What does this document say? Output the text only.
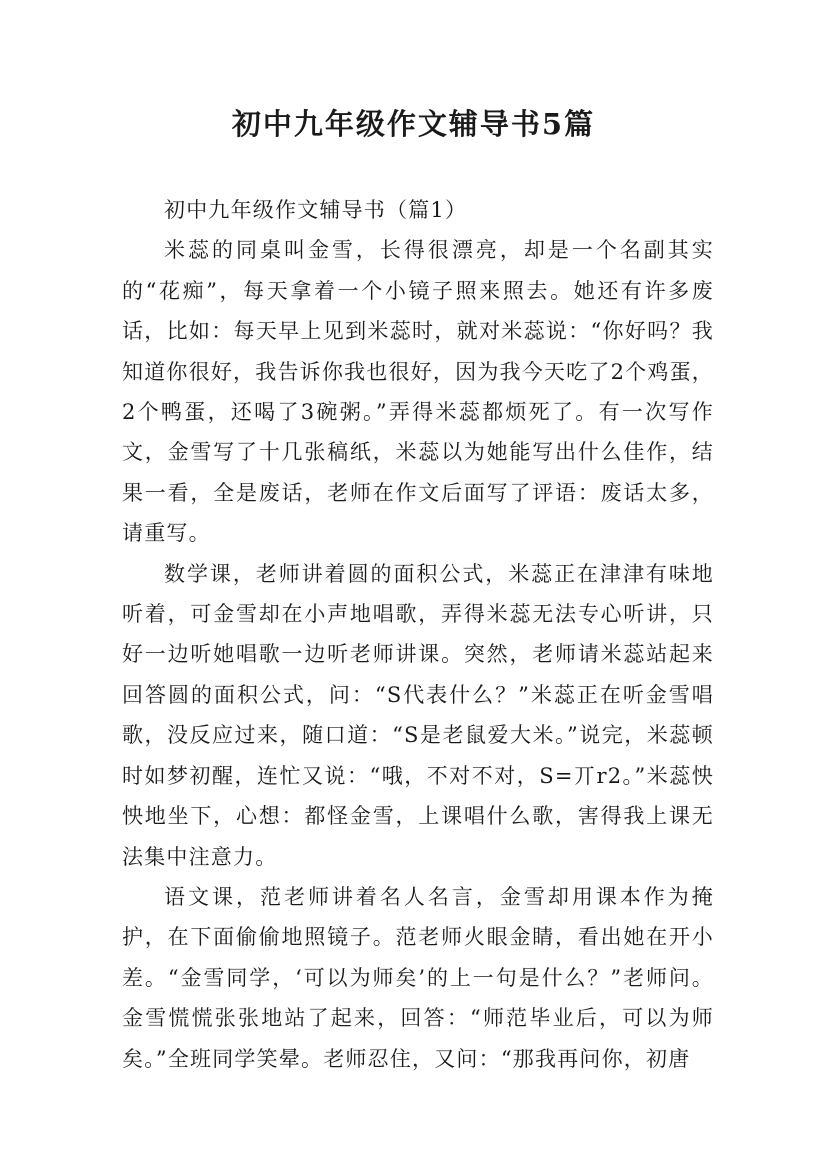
初中九年级作文辅导书5篇

初中九年级作文辅导书（篇1）

米蕊的同桌叫金雪，长得很漂亮，却是一个名副其实的“花痴”，每天拿着一个小镜子照来照去。她还有许多废话，比如：每天早上见到米蕊时，就对米蕊说：“你好吗？我知道你很好，我告诉你我也很好，因为我今天吃了2个鸡蛋，2个鸭蛋，还喝了3碗粥。”弄得米蕊都烦死了。有一次写作文，金雪写了十几张稿纸，米蕊以为她能写出什么佳作，结果一看，全是废话，老师在作文后面写了评语：废话太多，请重写。

数学课，老师讲着圆的面积公式，米蕊正在津津有味地听着，可金雪却在小声地唱歌，弄得米蕊无法专心听讲，只好一边听她唱歌一边听老师讲课。突然，老师请米蕊站起来回答圆的面积公式，问：“S代表什么？”米蕊正在听金雪唱歌，没反应过来，随口道：“S是老鼠爱大米。”说完，米蕊顿时如梦初醒，连忙又说：“哦，不对不对，S=丌r2。”米蕊怏怏地坐下，心想：都怪金雪，上课唱什么歌，害得我上课无法集中注意力。

语文课，范老师讲着名人名言，金雪却用课本作为掩护，在下面偷偷地照镜子。范老师火眼金睛，看出她在开小差。“金雪同学，‘可以为师矣’的上一句是什么？”老师问。金雪慌慌张张地站了起来，回答：“师范毕业后，可以为师矣。”全班同学笑晕。老师忍住，又问：“那我再问你，初唐
